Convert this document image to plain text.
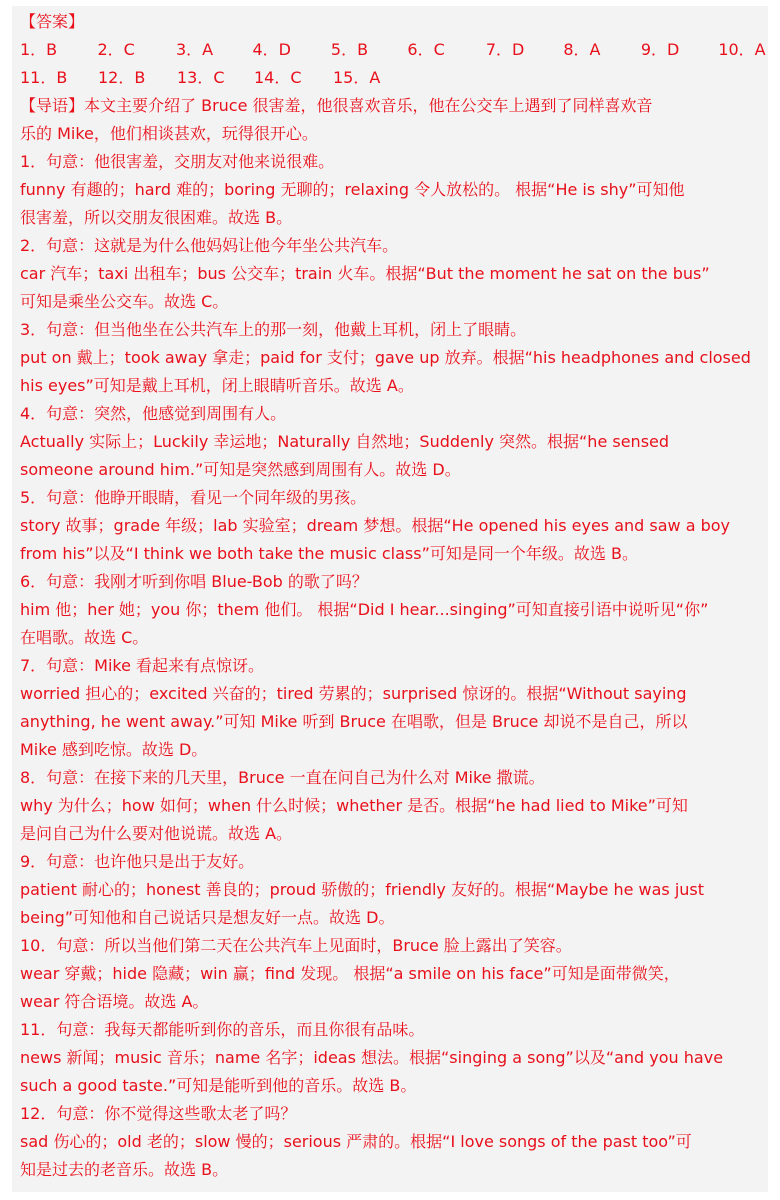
【答案】
1．B	2．C	3．A	4．D	5．B	6．C	7．D	8．A	9．D	10．A
11．B	12．B	13．C	14．C	15．A
【导语】本文主要介绍了 Bruce 很害羞，他很喜欢音乐，他在公交车上遇到了同样喜欢音
乐的 Mike，他们相谈甚欢，玩得很开心。
1．句意：他很害羞，交朋友对他来说很难。
funny 有趣的；hard 难的；boring 无聊的；relaxing 令人放松的。 根据“He is shy”可知他
很害羞，所以交朋友很困难。故选 B。
2．句意：这就是为什么他妈妈让他今年坐公共汽车。
car 汽车；taxi 出租车；bus 公交车；train 火车。根据“But the moment he sat on the bus”
可知是乘坐公交车。故选 C。
3．句意：但当他坐在公共汽车上的那一刻，他戴上耳机，闭上了眼睛。
put on 戴上；took away 拿走；paid for 支付；gave up 放弃。根据“his headphones and closed
his eyes”可知是戴上耳机，闭上眼睛听音乐。故选 A。
4．句意：突然，他感觉到周围有人。
Actually 实际上；Luckily 幸运地；Naturally 自然地；Suddenly 突然。根据“he sensed
someone around him.”可知是突然感到周围有人。故选 D。
5．句意：他睁开眼睛，看见一个同年级的男孩。
story 故事；grade 年级；lab 实验室；dream 梦想。根据“He opened his eyes and saw a boy
from his”以及“I think we both take the music class”可知是同一个年级。故选 B。
6．句意：我刚才听到你唱 Blue-Bob 的歌了吗？
him 他；her 她；you 你；them 他们。 根据“Did I hear...singing”可知直接引语中说听见“你”
在唱歌。故选 C。
7．句意：Mike 看起来有点惊讶。
worried 担心的；excited 兴奋的；tired 劳累的；surprised 惊讶的。根据“Without saying
anything, he went away.”可知 Mike 听到 Bruce 在唱歌，但是 Bruce 却说不是自己，所以
Mike 感到吃惊。故选 D。
8．句意：在接下来的几天里，Bruce 一直在问自己为什么对 Mike 撒谎。
why 为什么；how 如何；when 什么时候；whether 是否。根据“he had lied to Mike”可知
是问自己为什么要对他说谎。故选 A。
9．句意：也许他只是出于友好。
patient 耐心的；honest 善良的；proud 骄傲的；friendly 友好的。根据“Maybe he was just
being”可知他和自己说话只是想友好一点。故选 D。
10．句意：所以当他们第二天在公共汽车上见面时，Bruce 脸上露出了笑容。
wear 穿戴；hide 隐藏；win 赢；find 发现。 根据“a smile on his face”可知是面带微笑，
wear 符合语境。故选 A。
11．句意：我每天都能听到你的音乐，而且你很有品味。
news 新闻；music 音乐；name 名字；ideas 想法。根据“singing a song”以及“and you have
such a good taste.”可知是能听到他的音乐。故选 B。
12．句意：你不觉得这些歌太老了吗？
sad 伤心的；old 老的；slow 慢的；serious 严肃的。根据“I love songs of the past too”可
知是过去的老音乐。故选 B。
